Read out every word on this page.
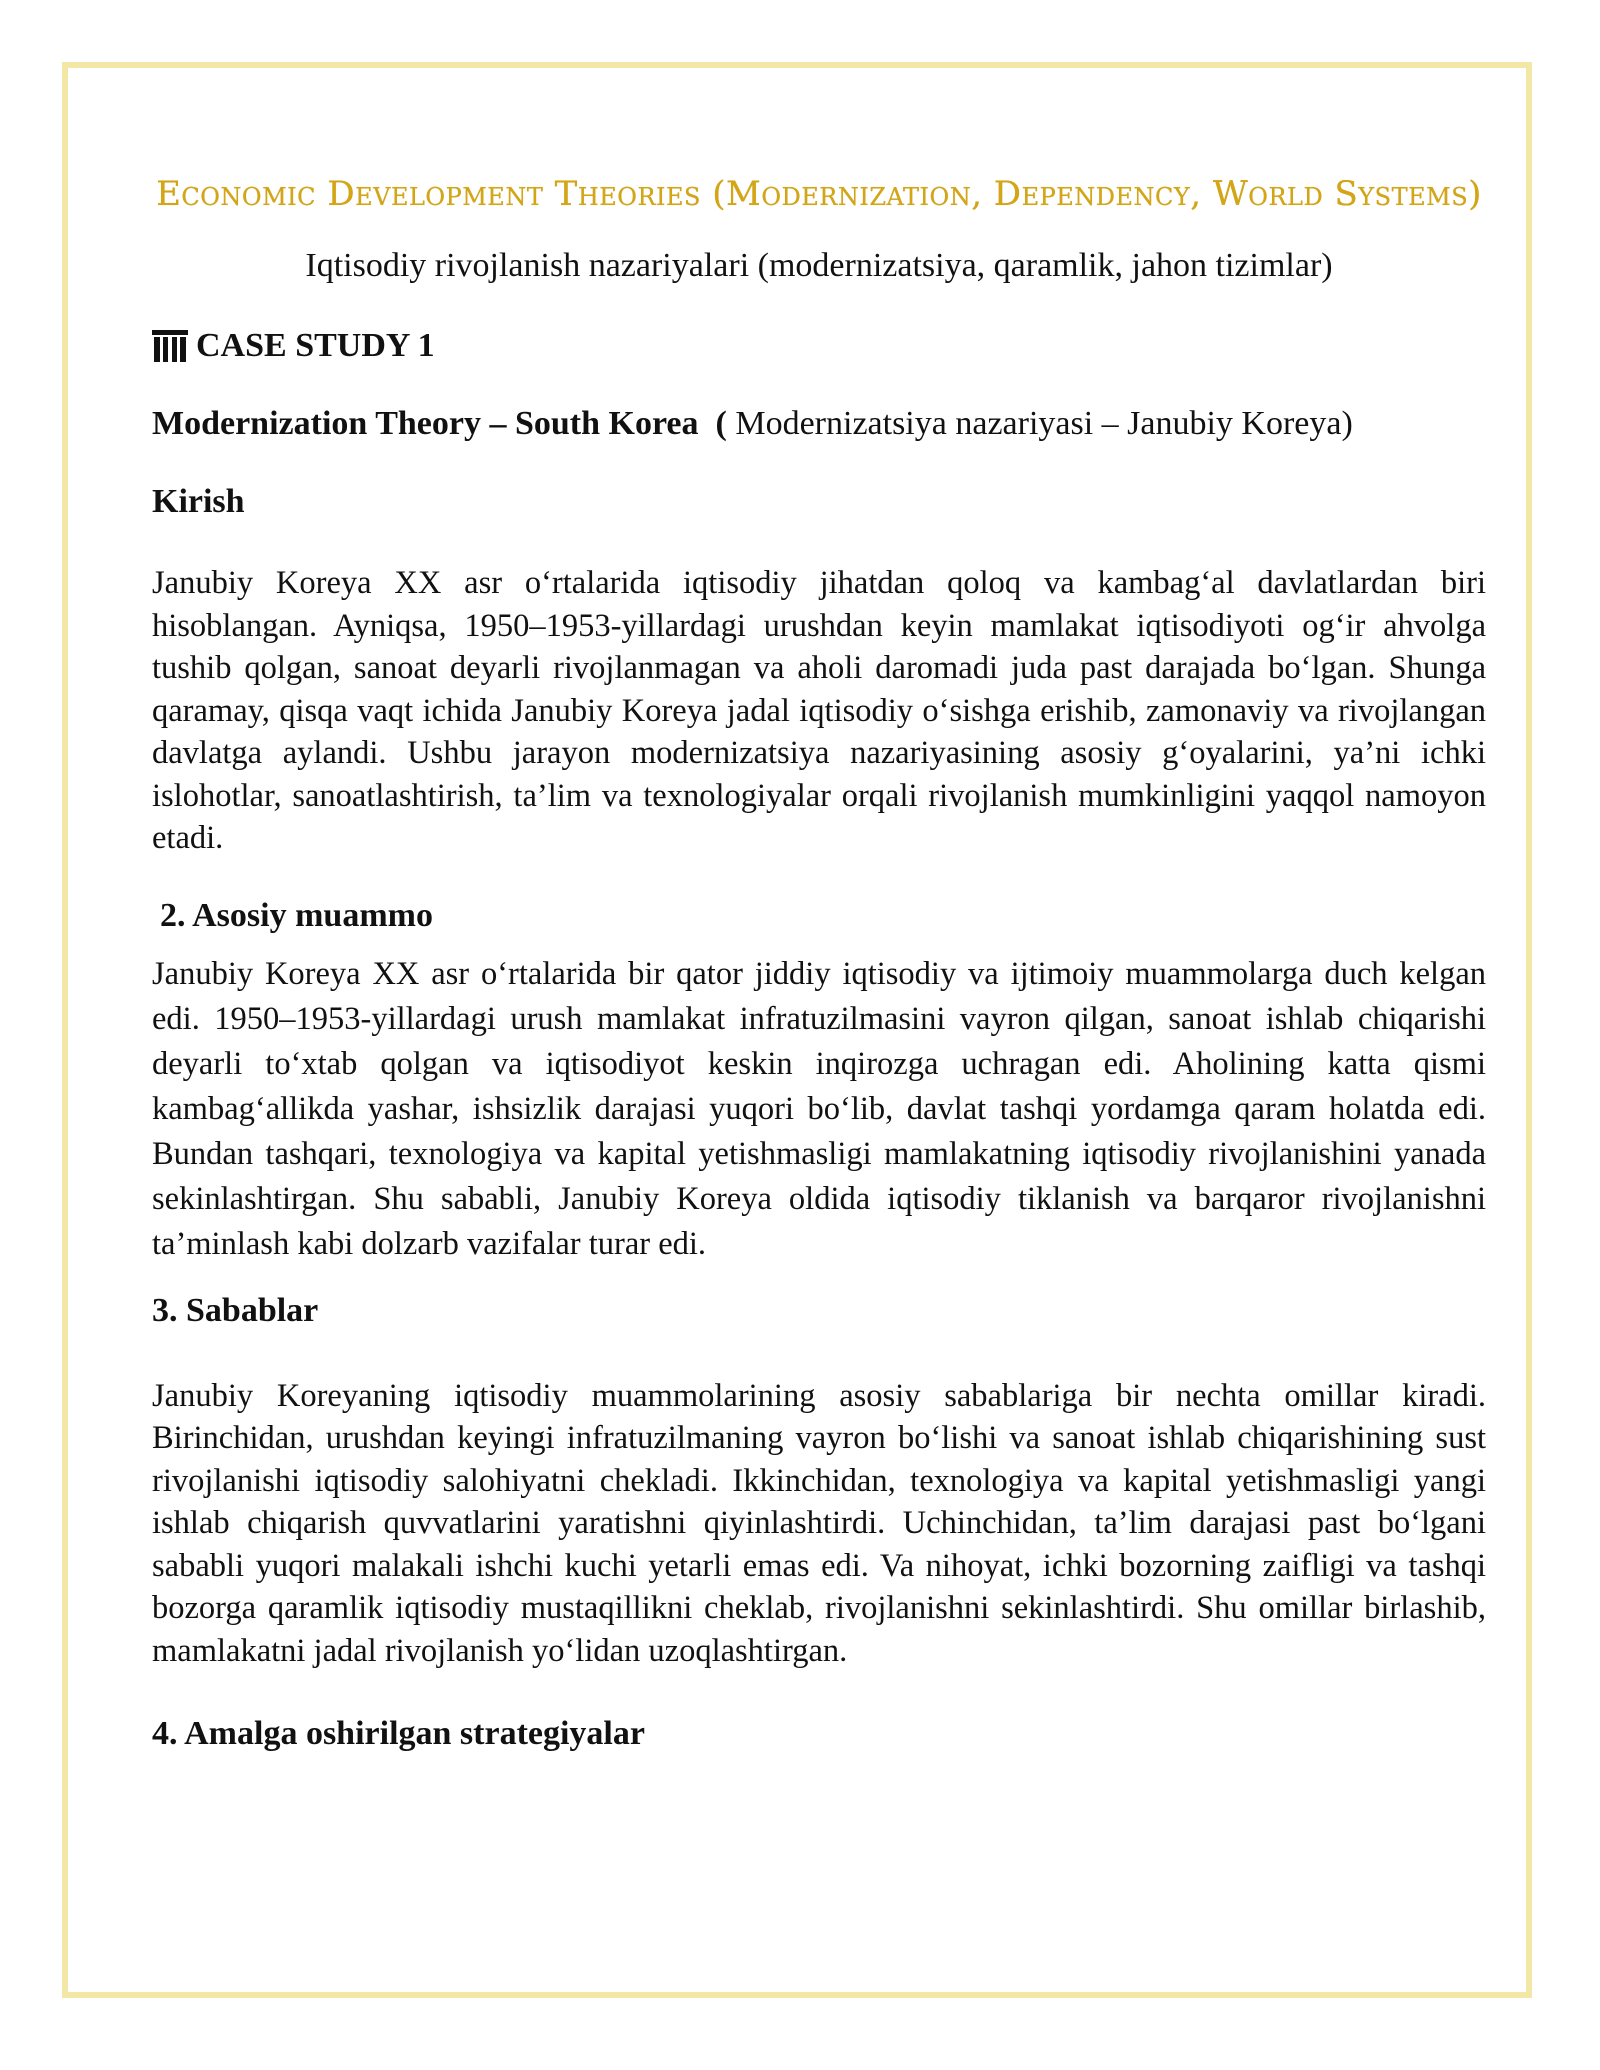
Economic Development Theories (Modernization, Dependency, World Systems)

Iqtisodiy rivojlanish nazariyalari (modernizatsiya, qaramlik, jahon tizimlar)

CASE STUDY 1
Modernization Theory – South Korea  ( Modernizatsiya nazariyasi – Janubiy Koreya)
Kirish

Janubiy Koreya XX asr o‘rtalarida iqtisodiy jihatdan qoloq va kambag‘al davlatlardan biri hisoblangan. Ayniqsa, 1950–1953-yillardagi urushdan keyin mamlakat iqtisodiyoti og‘ir ahvolga tushib qolgan, sanoat deyarli rivojlanmagan va aholi daromadi juda past darajada bo‘lgan. Shunga qaramay, qisqa vaqt ichida Janubiy Koreya jadal iqtisodiy o‘sishga erishib, zamonaviy va rivojlangan davlatga aylandi. Ushbu jarayon modernizatsiya nazariyasining asosiy g‘oyalarini, ya’ni ichki islohotlar, sanoatlashtirish, ta’lim va texnologiyalar orqali rivojlanish mumkinligini yaqqol namoyon etadi.

2. Asosiy muammo

Janubiy Koreya XX asr o‘rtalarida bir qator jiddiy iqtisodiy va ijtimoiy muammolarga duch kelgan edi. 1950–1953-yillardagi urush mamlakat infratuzilmasini vayron qilgan, sanoat ishlab chiqarishi deyarli to‘xtab qolgan va iqtisodiyot keskin inqirozga uchragan edi. Aholining katta qismi kambag‘allikda yashar, ishsizlik darajasi yuqori bo‘lib, davlat tashqi yordamga qaram holatda edi. Bundan tashqari, texnologiya va kapital yetishmasligi mamlakatning iqtisodiy rivojlanishini yanada sekinlashtirgan. Shu sababli, Janubiy Koreya oldida iqtisodiy tiklanish va barqaror rivojlanishni ta’minlash kabi dolzarb vazifalar turar edi.

3. Sabablar

Janubiy Koreyaning iqtisodiy muammolarining asosiy sabablariga bir nechta omillar kiradi. Birinchidan, urushdan keyingi infratuzilmaning vayron bo‘lishi va sanoat ishlab chiqarishining sust rivojlanishi iqtisodiy salohiyatni chekladi. Ikkinchidan, texnologiya va kapital yetishmasligi yangi ishlab chiqarish quvvatlarini yaratishni qiyinlashtirdi. Uchinchidan, ta’lim darajasi past bo‘lgani sababli yuqori malakali ishchi kuchi yetarli emas edi. Va nihoyat, ichki bozorning zaifligi va tashqi bozorga qaramlik iqtisodiy mustaqillikni cheklab, rivojlanishni sekinlashtirdi. Shu omillar birlashib, mamlakatni jadal rivojlanish yo‘lidan uzoqlashtirgan.

4. Amalga oshirilgan strategiyalar
